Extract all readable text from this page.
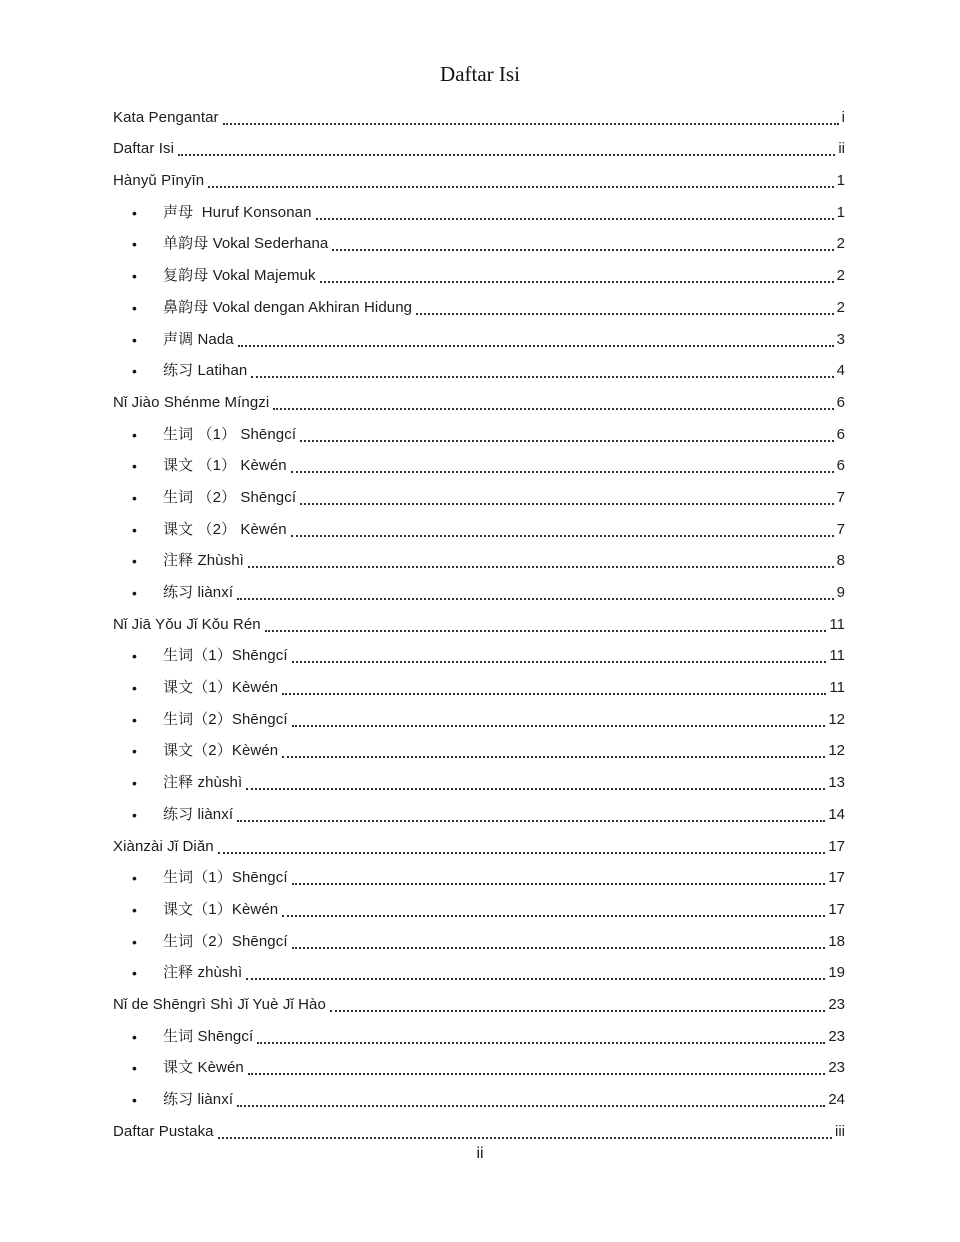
Daftar Isi
Kata Pengantar	i
Daftar Isi	ii
Hànyǔ Pīnyīn	1
•	声母  Huruf Konsonan	1
•	单韵母 Vokal Sederhana	2
•	复韵母 Vokal Majemuk	2
•	鼻韵母 Vokal dengan Akhiran Hidung	2
•	声调 Nada	3
•	练习 Latihan	4
Nǐ Jiào Shénme Míngzi	6
•	生词 （1） Shēngcí	6
•	课文 （1） Kèwén	6
•	生词 （2） Shēngcí	7
•	课文 （2） Kèwén	7
•	注释 Zhùshì	8
•	练习 liànxí	9
Nǐ Jiā Yǒu Jǐ Kǒu Rén	11
•	生词（1）Shēngcí	11
•	课文（1）Kèwén	11
•	生词（2）Shēngcí	12
•	课文（2）Kèwén	12
•	注释 zhùshì	13
•	练习 liànxí	14
Xiànzài Jǐ Diǎn	17
•	生词（1）Shēngcí	17
•	课文（1）Kèwén	17
•	生词（2）Shēngcí	18
•	注释 zhùshì	19
Nǐ de Shēngrì Shì Jǐ Yuè Jǐ Hào	23
•	生词 Shēngcí	23
•	课文 Kèwén	23
•	练习 liànxí	24
Daftar Pustaka	iii
ii
